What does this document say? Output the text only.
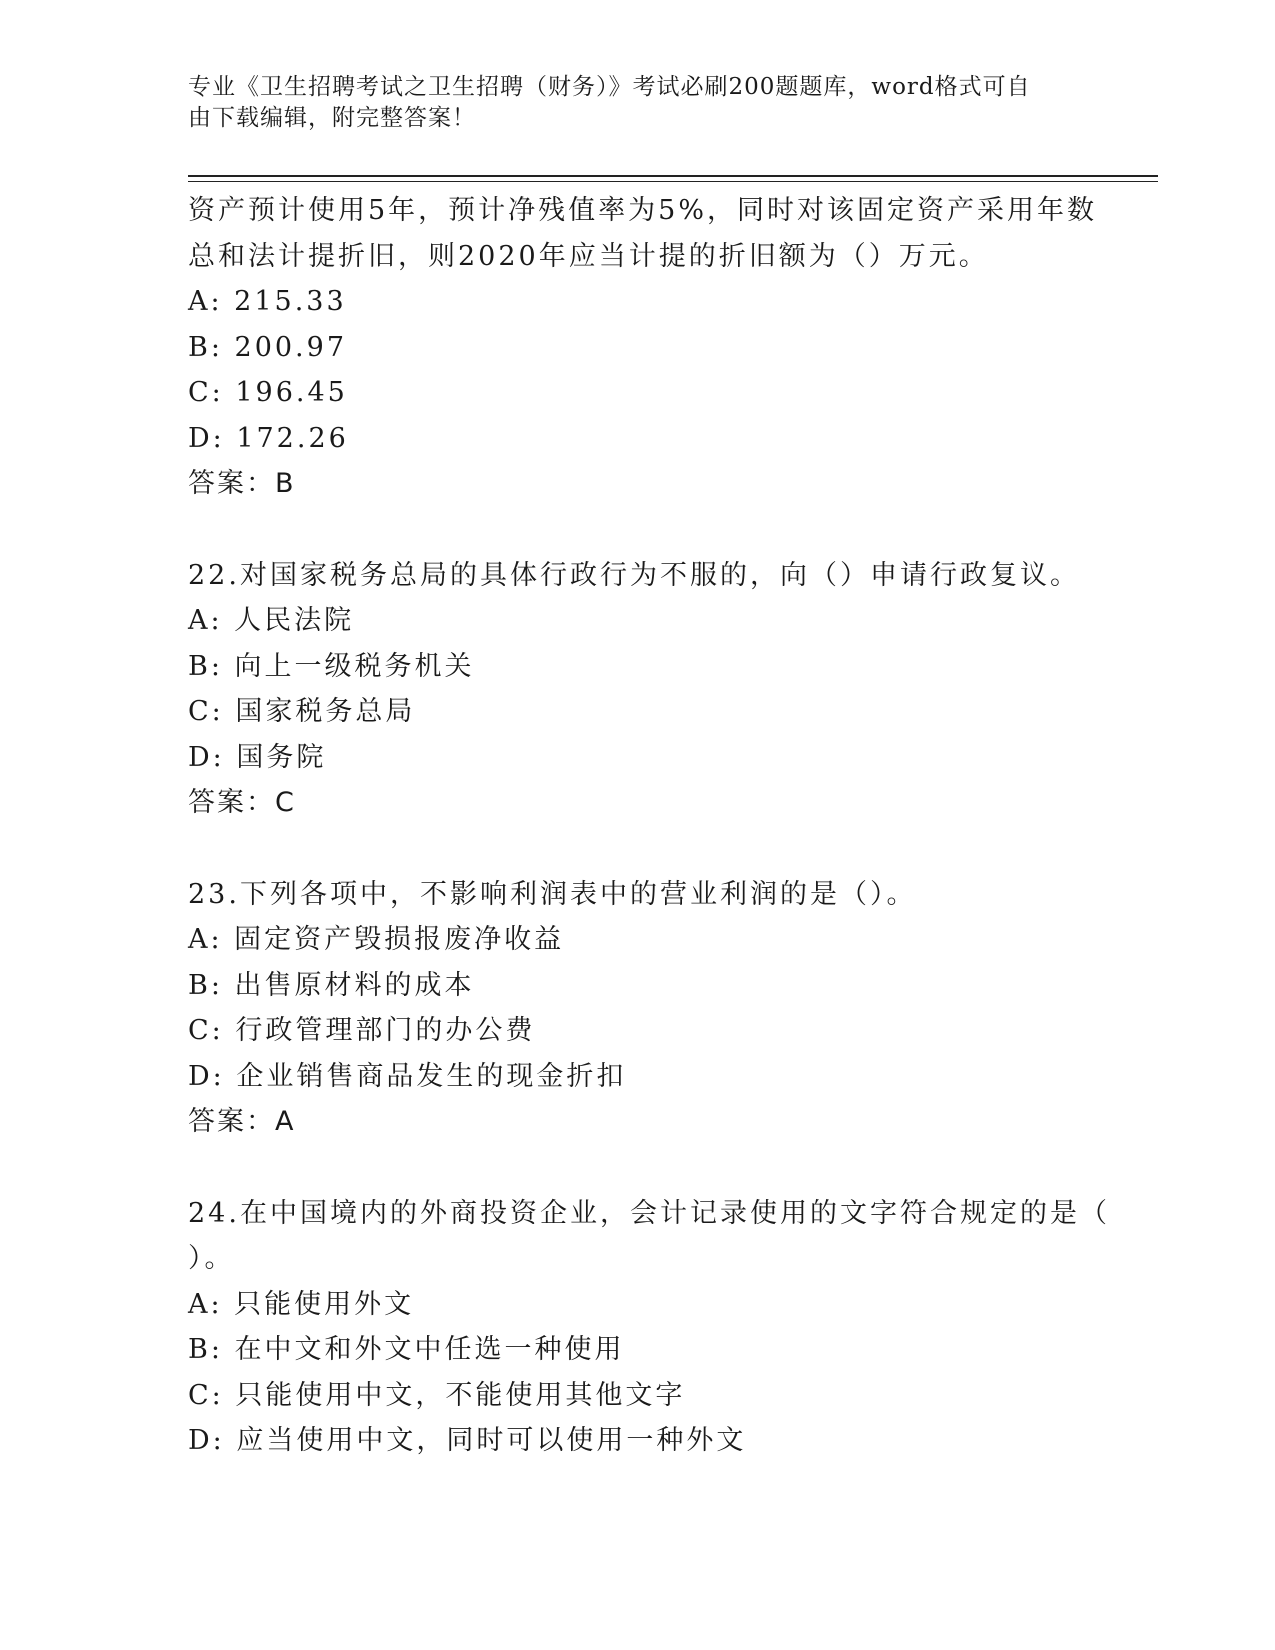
专业《卫生招聘考试之卫生招聘（财务）》考试必刷200题题库，word格式可自
由下载编辑，附完整答案！
资产预计使用5年，预计净残值率为5%，同时对该固定资产采用年数
总和法计提折旧，则2020年应当计提的折旧额为（）万元。
A: 215.33
B: 200.97
C: 196.45
D: 172.26
答案：B
22.对国家税务总局的具体行政行为不服的，向（）申请行政复议。
A: 人民法院
B: 向上一级税务机关
C: 国家税务总局
D: 国务院
答案：C
23.下列各项中，不影响利润表中的营业利润的是（）。
A: 固定资产毁损报废净收益
B: 出售原材料的成本
C: 行政管理部门的办公费
D: 企业销售商品发生的现金折扣
答案：A
24.在中国境内的外商投资企业，会计记录使用的文字符合规定的是（
）。
A: 只能使用外文
B: 在中文和外文中任选一种使用
C: 只能使用中文，不能使用其他文字
D: 应当使用中文，同时可以使用一种外文
